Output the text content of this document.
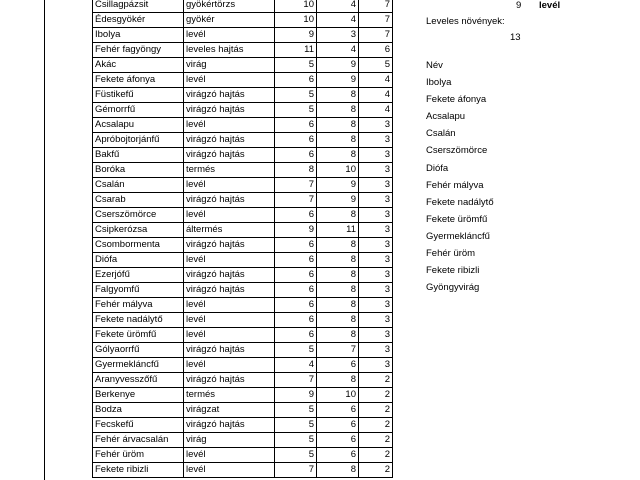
Csillagpázsit	gyökértörzs	10	4	7
Édesgyökér	gyökér	10	4	7
Ibolya	levél	9	3	7
Fehér fagyöngy	leveles hajtás	11	4	6
Akác	virág	5	9	5
Fekete áfonya	levél	6	9	4
Füstikefű	virágzó hajtás	5	8	4
Gémorrfű	virágzó hajtás	5	8	4
Acsalapu	levél	6	8	3
Apróbojtorjánfű	virágzó hajtás	6	8	3
Bakfű	virágzó hajtás	6	8	3
Boróka	termés	8	10	3
Csalán	levél	7	9	3
Csarab	virágzó hajtás	7	9	3
Cserszömörce	levél	6	8	3
Csipkerózsa	áltermés	9	11	3
Csombormenta	virágzó hajtás	6	8	3
Diófa	levél	6	8	3
Ezerjófű	virágzó hajtás	6	8	3
Falgyomfű	virágzó hajtás	6	8	3
Fehér mályva	levél	6	8	3
Fekete nadálytő	levél	6	8	3
Fekete ürömfű	levél	6	8	3
Gólyaorrfű	virágzó hajtás	5	7	3
Gyermekláncfű	levél	4	6	3
Aranyvesszőfű	virágzó hajtás	7	8	2
Berkenye	termés	9	10	2
Bodza	virágzat	5	6	2
Fecskefű	virágzó hajtás	5	6	2
Fehér árvacsalán	virág	5	6	2
Fehér üröm	levél	5	6	2
Fekete ribizli	levél	7	8	2
9 levél
Leveles növények:
13
Név
Ibolya
Fekete áfonya
Acsalapu
Csalán
Cserszömörce
Diófa
Fehér mályva
Fekete nadálytő
Fekete ürömfű
Gyermekláncfű
Fehér üröm
Fekete ribizli
Gyöngyvirág
